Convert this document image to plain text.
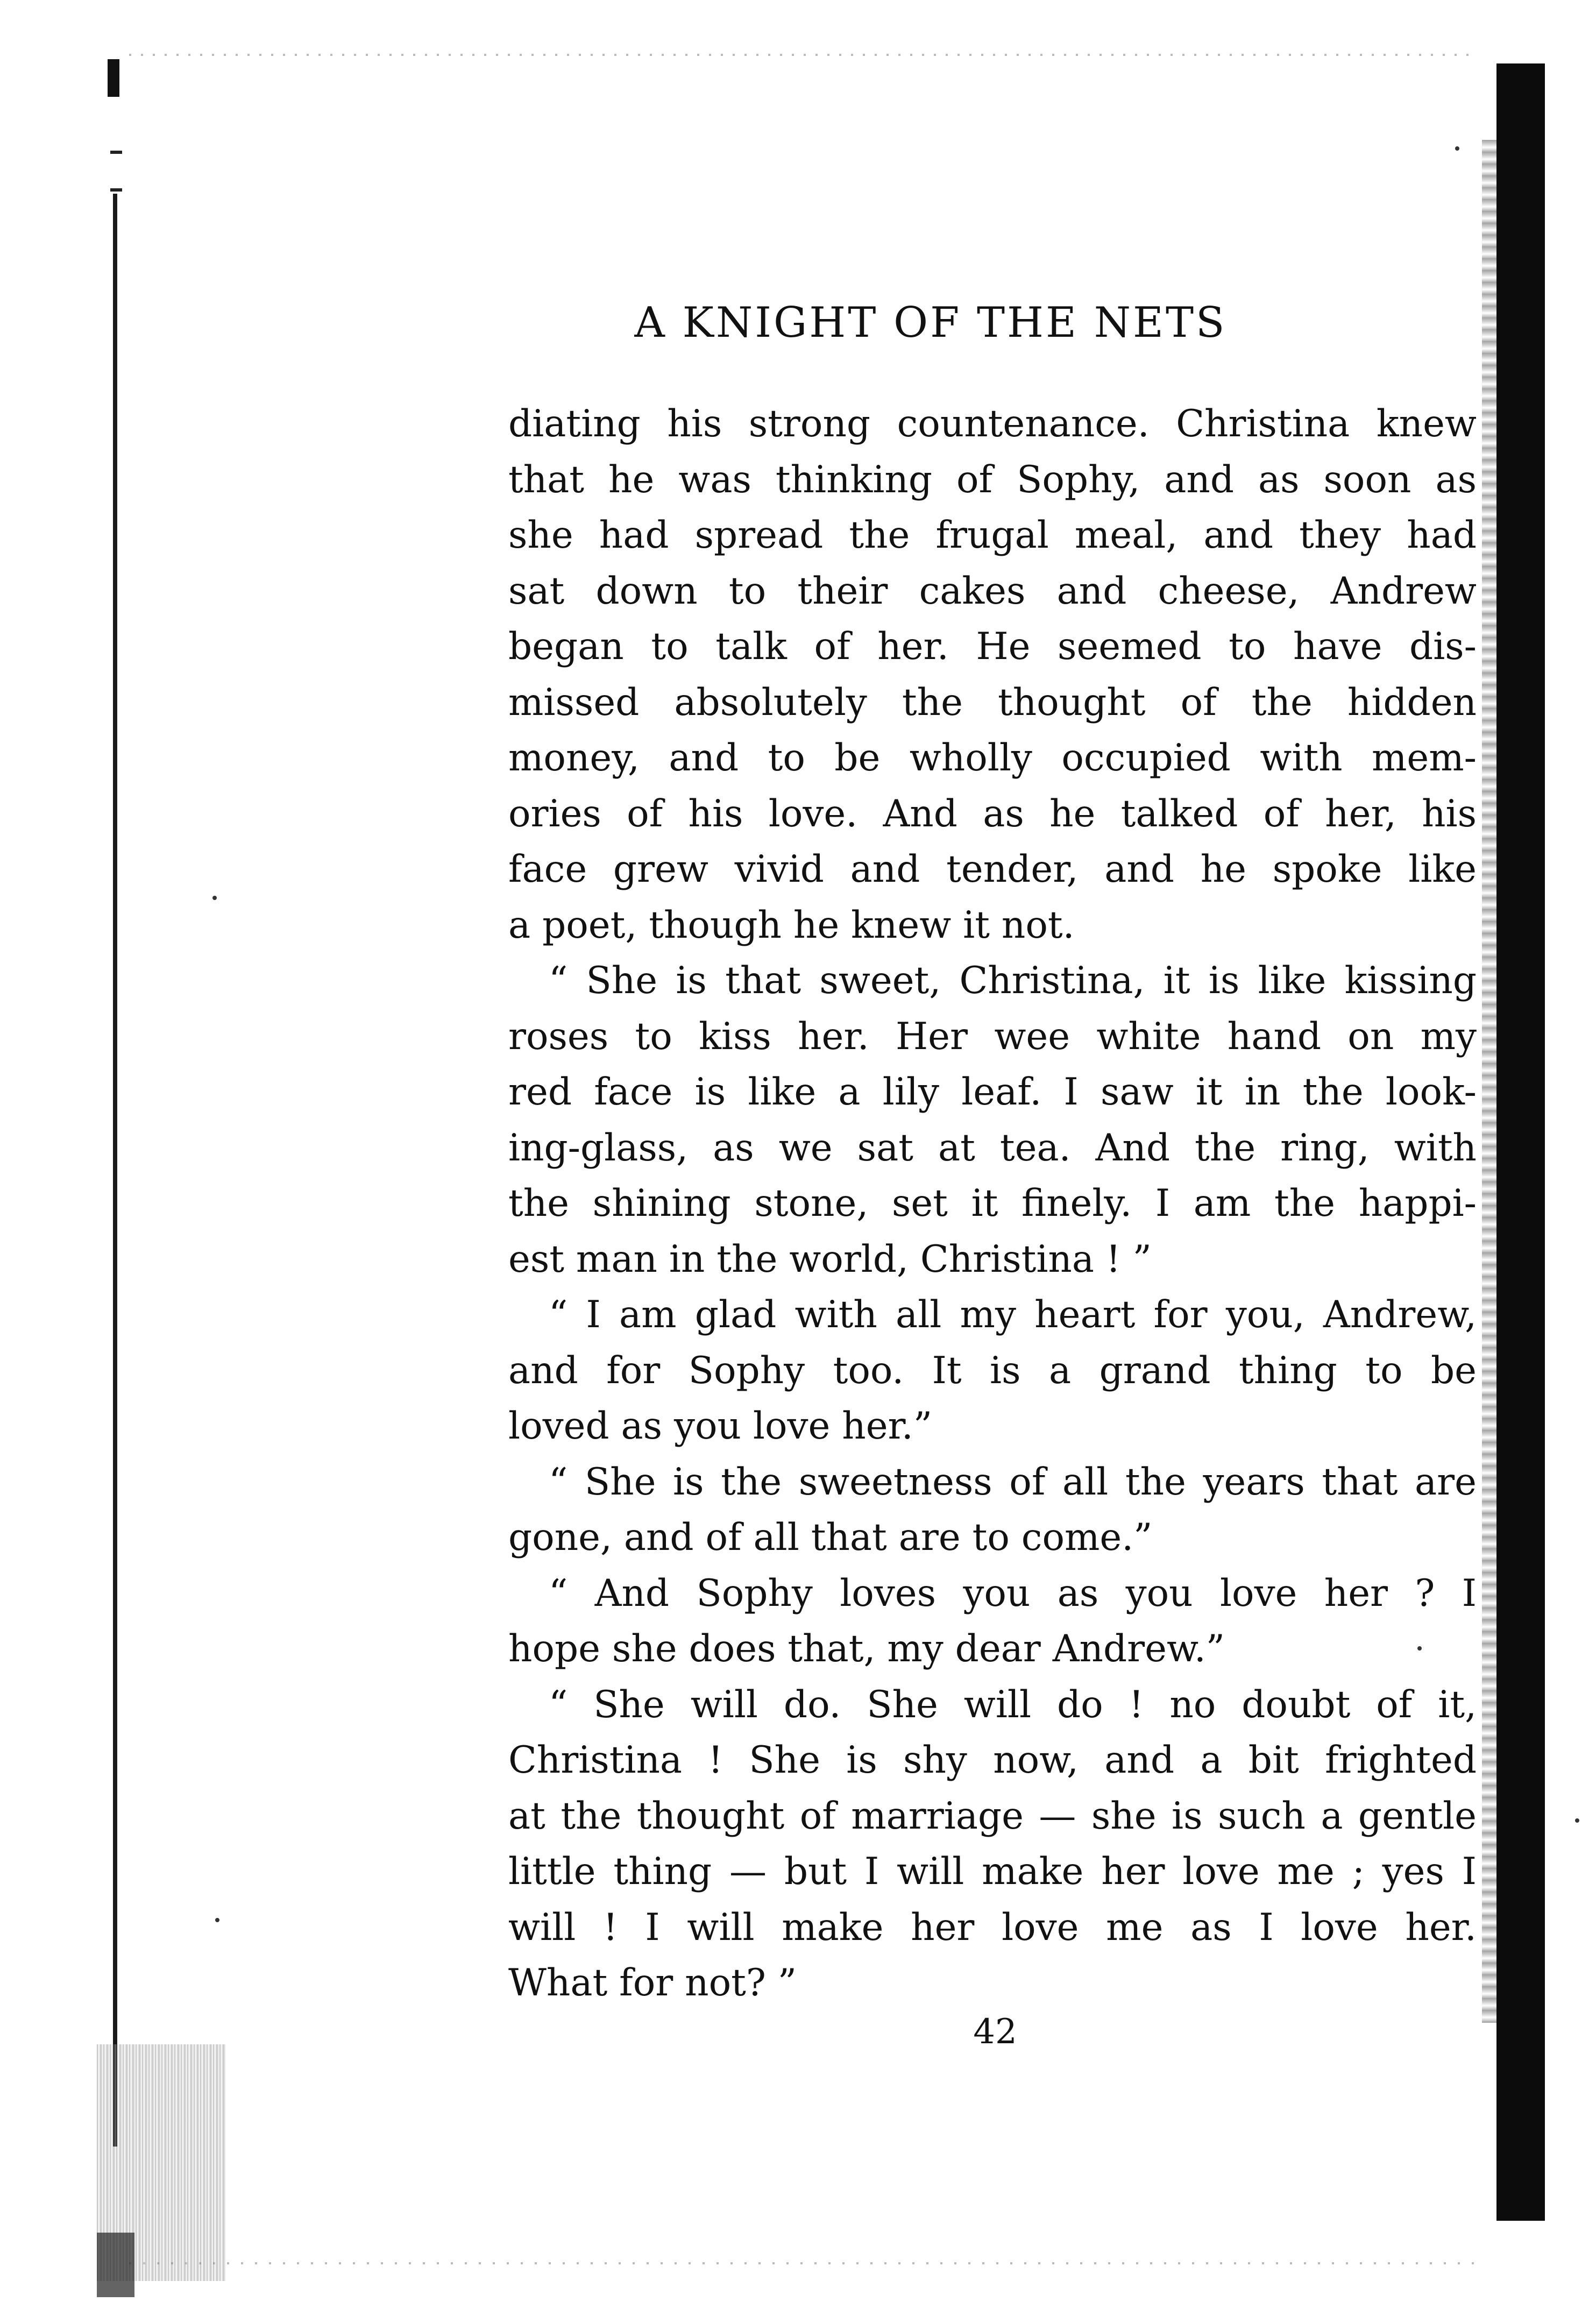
A KNIGHT OF THE NETS
diating his strong countenance. Christina knew
that he was thinking of Sophy, and as soon as
she had spread the frugal meal, and they had
sat down to their cakes and cheese, Andrew
began to talk of her. He seemed to have dis-
missed absolutely the thought of the hidden
money, and to be wholly occupied with mem-
ories of his love. And as he talked of her, his
face grew vivid and tender, and he spoke like
a poet, though he knew it not.
“ She is that sweet, Christina, it is like kissing
roses to kiss her. Her wee white hand on my
red face is like a lily leaf. I saw it in the look-
ing-glass, as we sat at tea. And the ring, with
the shining stone, set it finely. I am the happi-
est man in the world, Christina ! ”
“ I am glad with all my heart for you, Andrew,
and for Sophy too. It is a grand thing to be
loved as you love her.”
“ She is the sweetness of all the years that are
gone, and of all that are to come.”
“ And Sophy loves you as you love her ? I
hope she does that, my dear Andrew.”
“ She will do. She will do ! no doubt of it,
Christina ! She is shy now, and a bit frighted
at the thought of marriage — she is such a gentle
little thing — but I will make her love me ; yes I
will ! I will make her love me as I love her.
What for not? ”
42
